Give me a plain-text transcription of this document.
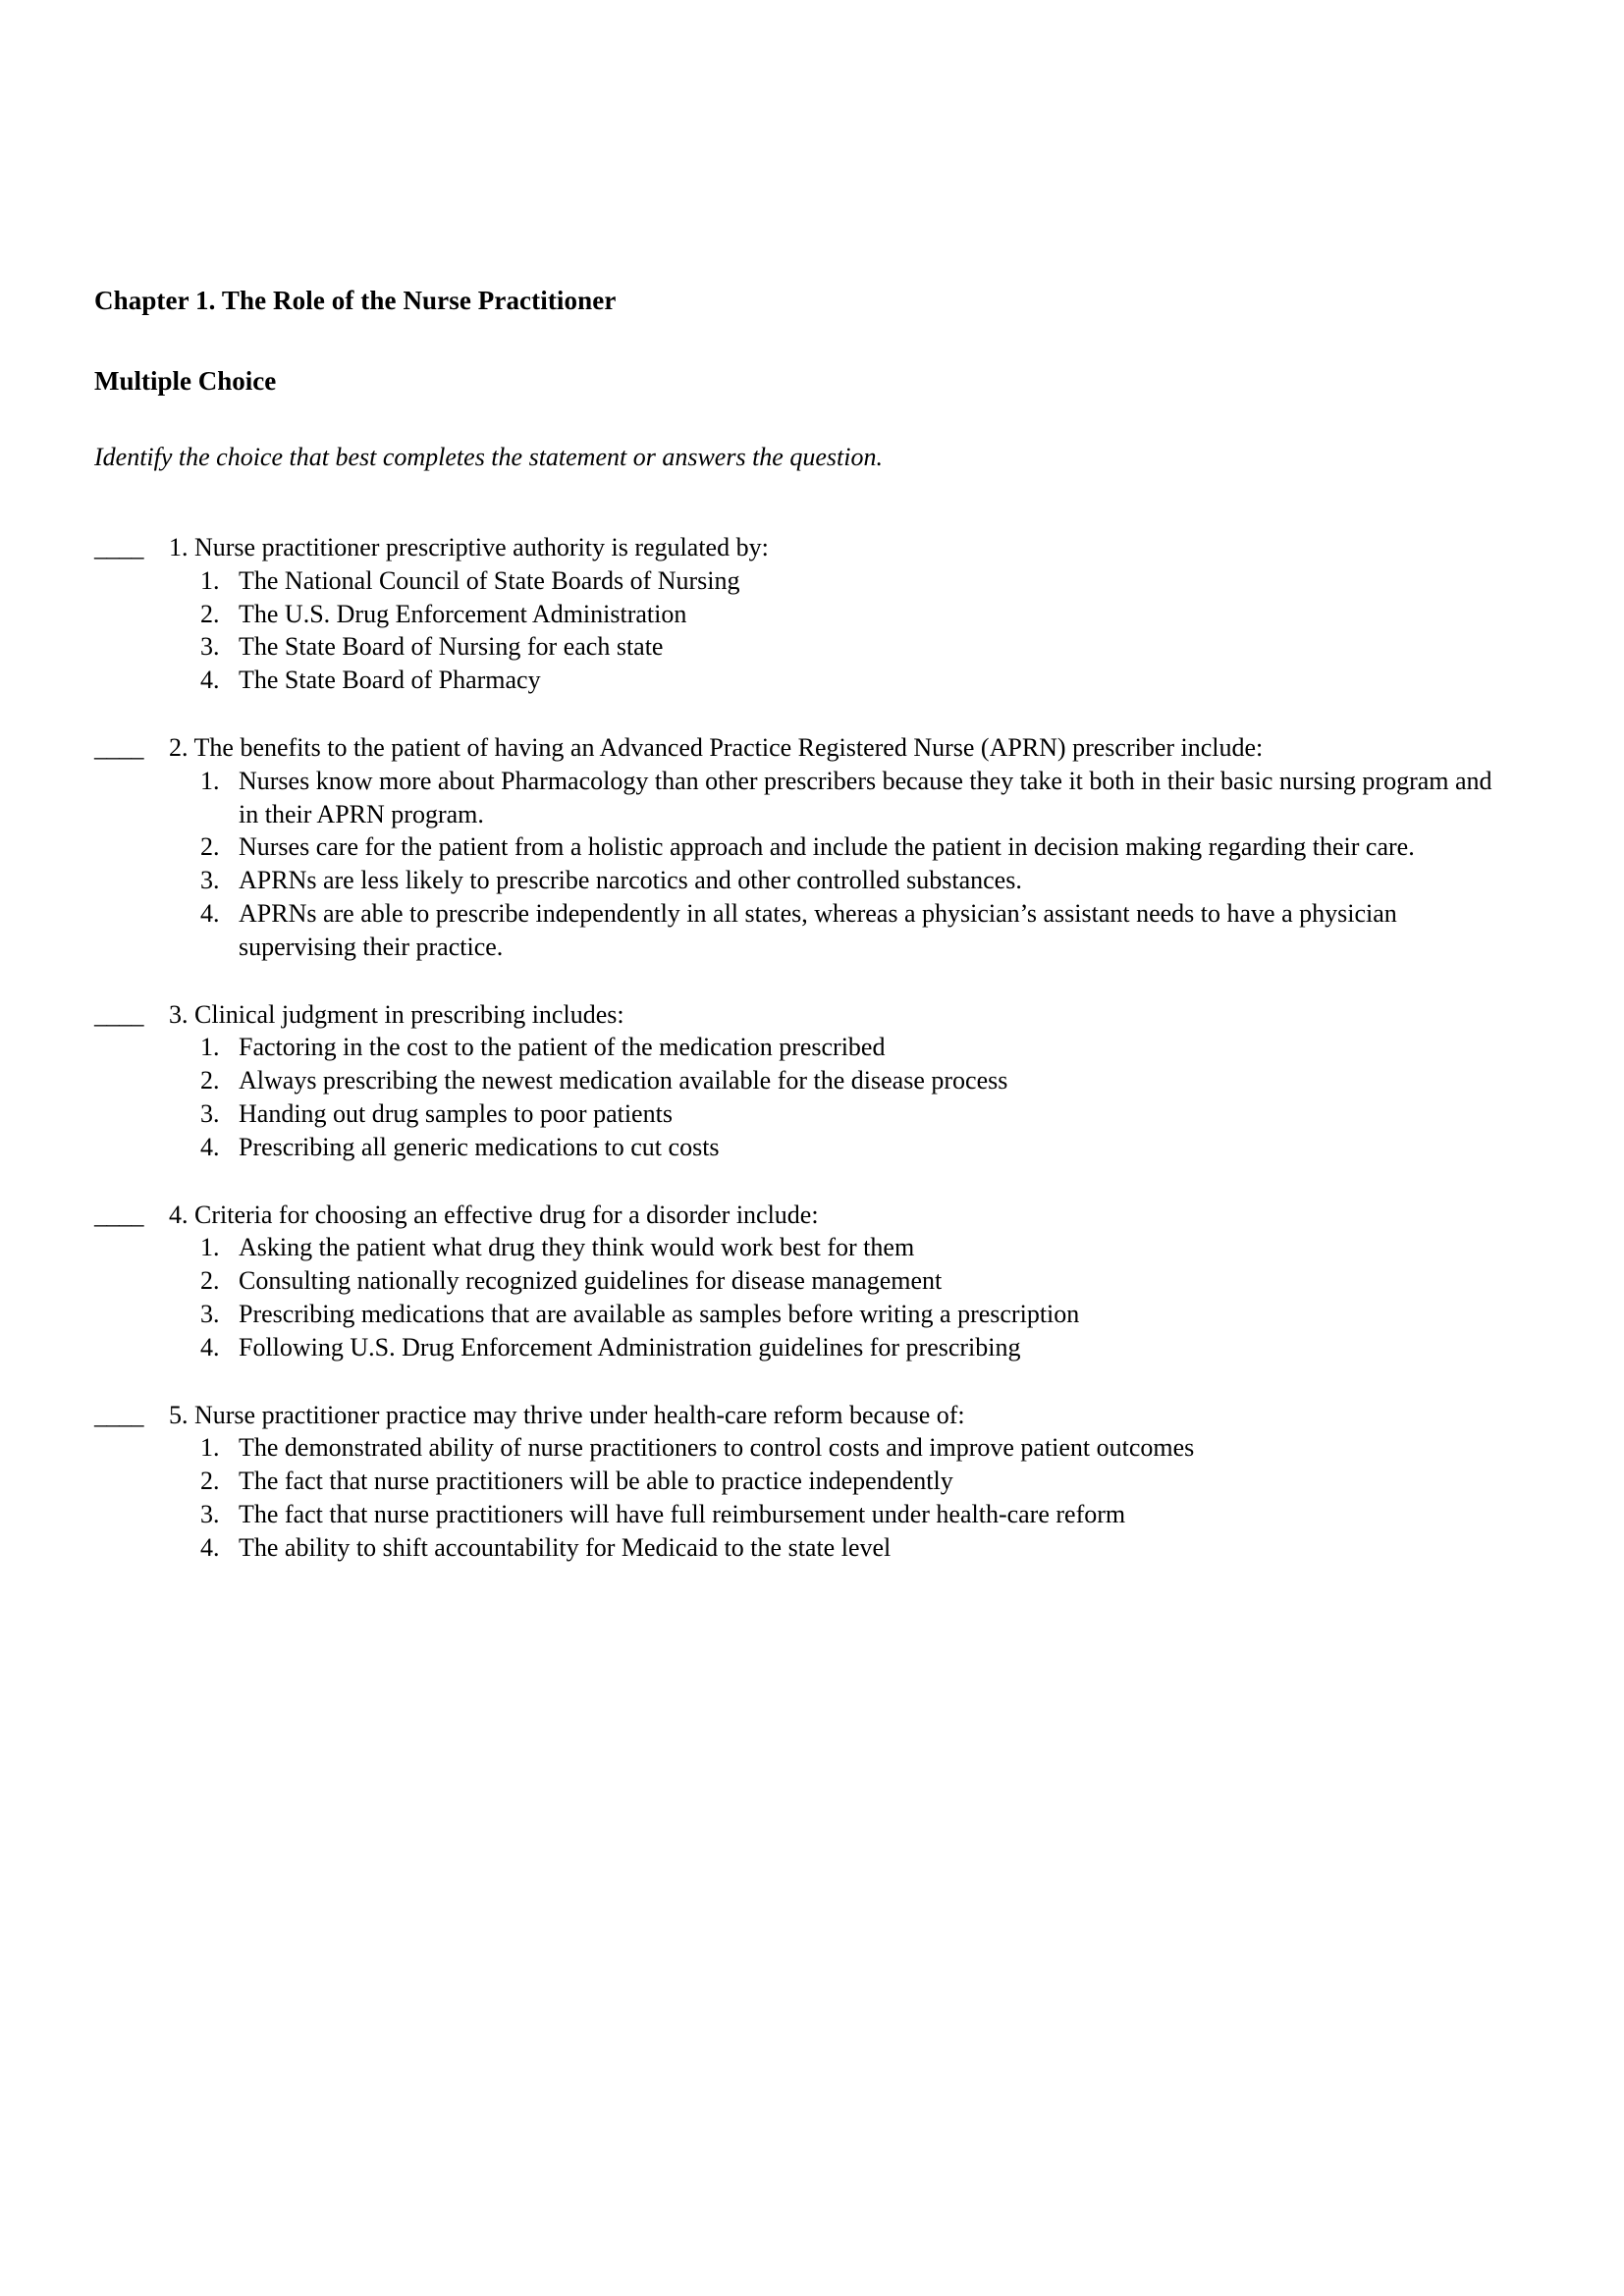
Chapter 1. The Role of the Nurse Practitioner
Multiple Choice

Identify the choice that best completes the statement or answers the question.

____ 1. Nurse practitioner prescriptive authority is regulated by:
1. The National Council of State Boards of Nursing
2. The U.S. Drug Enforcement Administration
3. The State Board of Nursing for each state
4. The State Board of Pharmacy
____ 2. The benefits to the patient of having an Advanced Practice Registered Nurse (APRN) prescriber include:
1. Nurses know more about Pharmacology than other prescribers because they take it both in their basic nursing program and in their APRN program.
2. Nurses care for the patient from a holistic approach and include the patient in decision making regarding their care.
3. APRNs are less likely to prescribe narcotics and other controlled substances.
4. APRNs are able to prescribe independently in all states, whereas a physician’s assistant needs to have a physician supervising their practice.
____ 3. Clinical judgment in prescribing includes:
1. Factoring in the cost to the patient of the medication prescribed
2. Always prescribing the newest medication available for the disease process
3. Handing out drug samples to poor patients
4. Prescribing all generic medications to cut costs
____ 4. Criteria for choosing an effective drug for a disorder include:
1. Asking the patient what drug they think would work best for them
2. Consulting nationally recognized guidelines for disease management
3. Prescribing medications that are available as samples before writing a prescription
4. Following U.S. Drug Enforcement Administration guidelines for prescribing
____ 5. Nurse practitioner practice may thrive under health-care reform because of:
1. The demonstrated ability of nurse practitioners to control costs and improve patient outcomes
2. The fact that nurse practitioners will be able to practice independently
3. The fact that nurse practitioners will have full reimbursement under health-care reform
4. The ability to shift accountability for Medicaid to the state level
